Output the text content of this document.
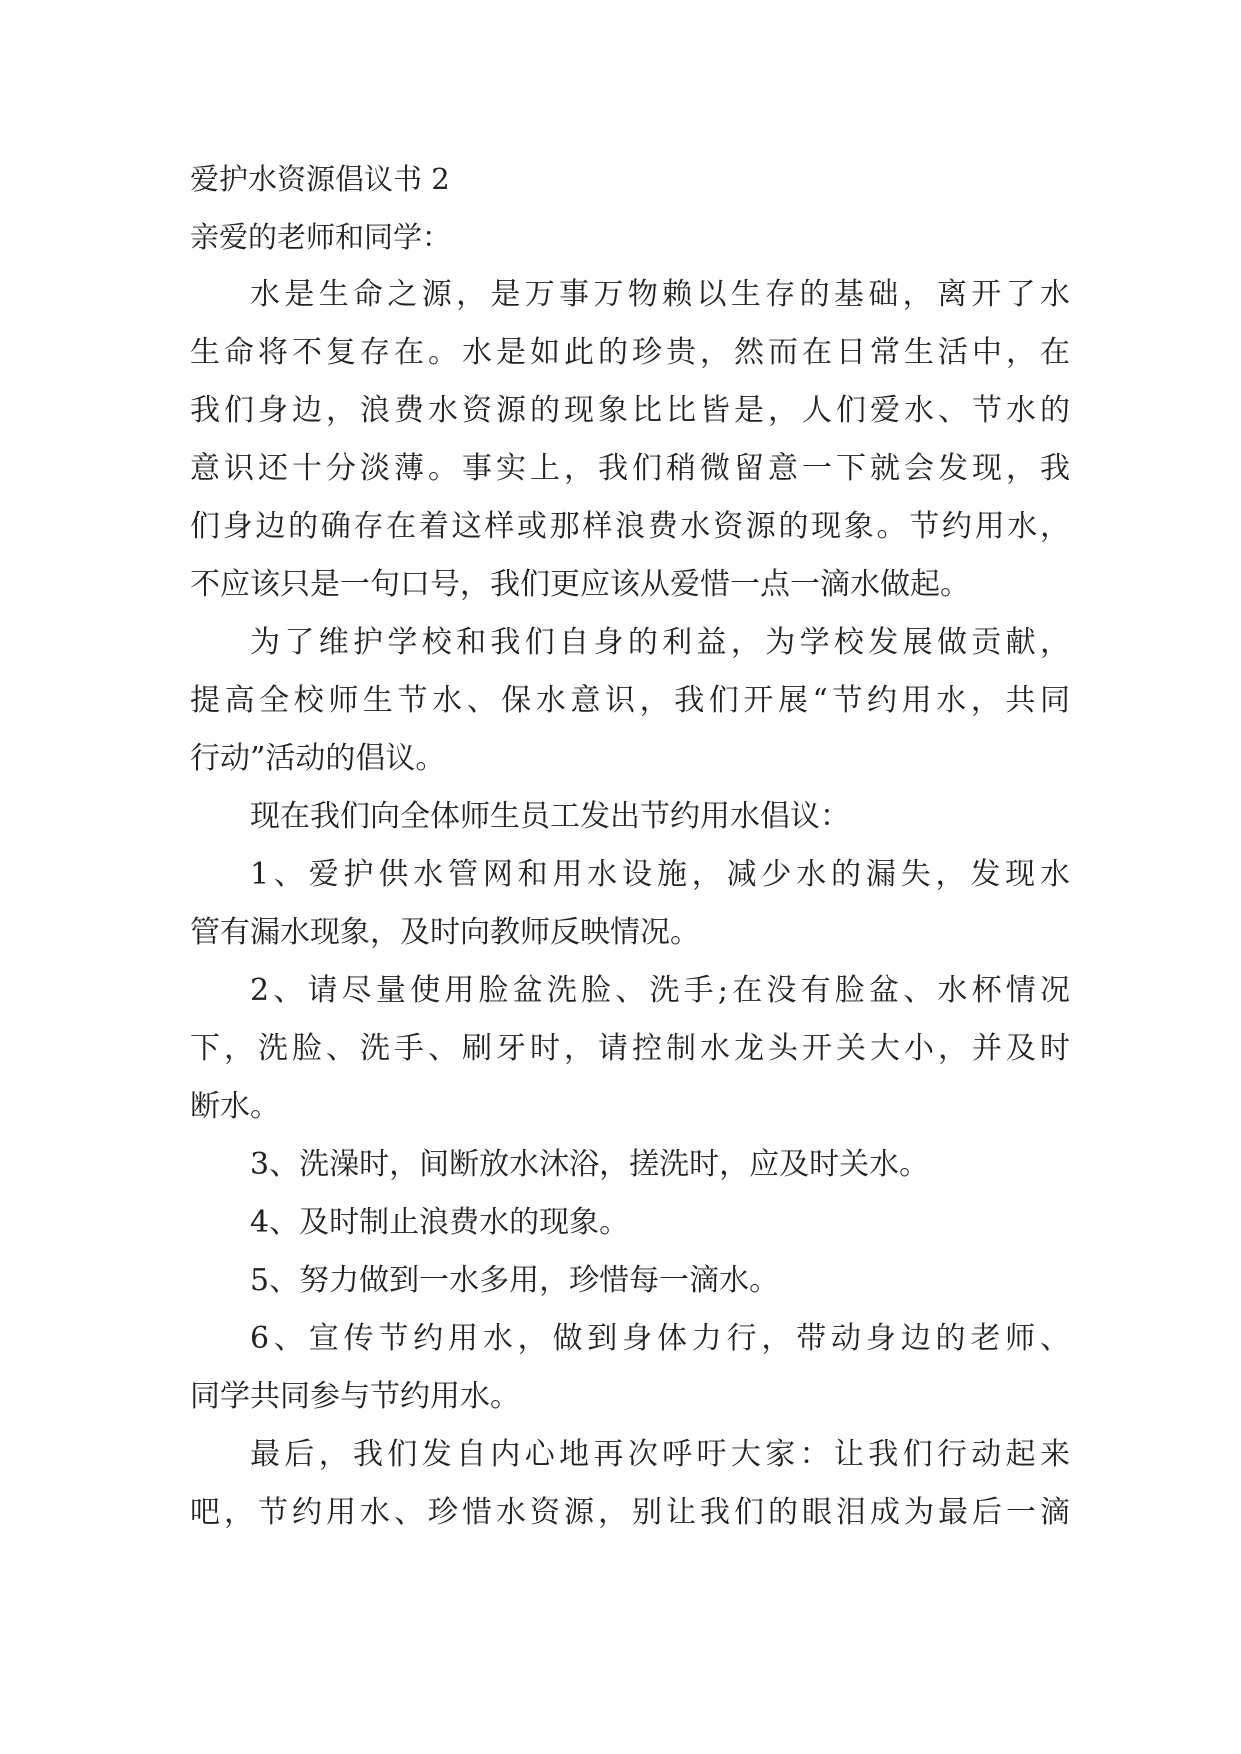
爱护水资源倡议书 2
亲爱的老师和同学：
水是生命之源，是万事万物赖以生存的基础，离开了水
生命将不复存在。水是如此的珍贵，然而在日常生活中，在
我们身边，浪费水资源的现象比比皆是，人们爱水、节水的
意识还十分淡薄。事实上，我们稍微留意一下就会发现，我
们身边的确存在着这样或那样浪费水资源的现象。节约用水，
不应该只是一句口号，我们更应该从爱惜一点一滴水做起。
为了维护学校和我们自身的利益，为学校发展做贡献，
提高全校师生节水、保水意识，我们开展“节约用水，共同
行动”活动的倡议。
现在我们向全体师生员工发出节约用水倡议：
1、爱护供水管网和用水设施，减少水的漏失，发现水
管有漏水现象，及时向教师反映情况。
2、请尽量使用脸盆洗脸、洗手;在没有脸盆、水杯情况
下，洗脸、洗手、刷牙时，请控制水龙头开关大小，并及时
断水。
3、洗澡时，间断放水沐浴，搓洗时，应及时关水。
4、及时制止浪费水的现象。
5、努力做到一水多用，珍惜每一滴水。
6、宣传节约用水，做到身体力行，带动身边的老师、
同学共同参与节约用水。
最后，我们发自内心地再次呼吁大家：让我们行动起来
吧，节约用水、珍惜水资源，别让我们的眼泪成为最后一滴
